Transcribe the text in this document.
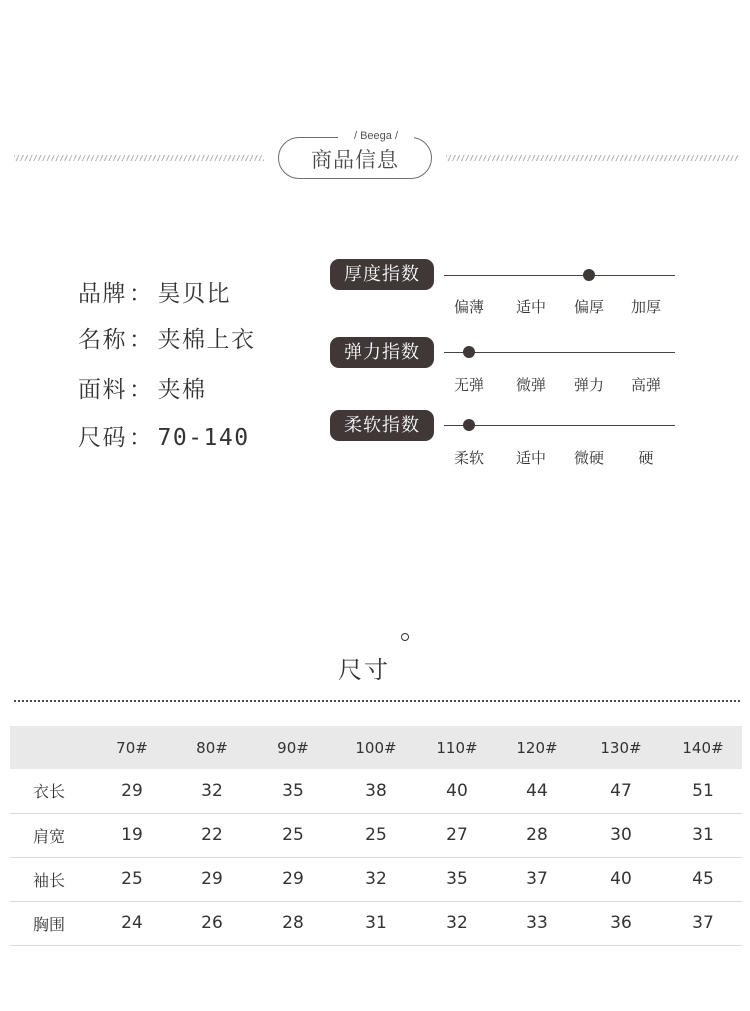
商品信息
/ Beega /
品牌： 昊贝比
名称： 夹棉上衣
面料： 夹棉
尺码： 70-140
厚度指数
偏薄	适中	偏厚	加厚
弹力指数
无弹	微弹	弹力	高弹
柔软指数
柔软	适中	微硬	硬
尺寸
	70#	80#	90#	100#	110#	120#	130#	140#
衣长	29	32	35	38	40	44	47	51
肩宽	19	22	25	25	27	28	30	31
袖长	25	29	29	32	35	37	40	45
胸围	24	26	28	31	32	33	36	37
